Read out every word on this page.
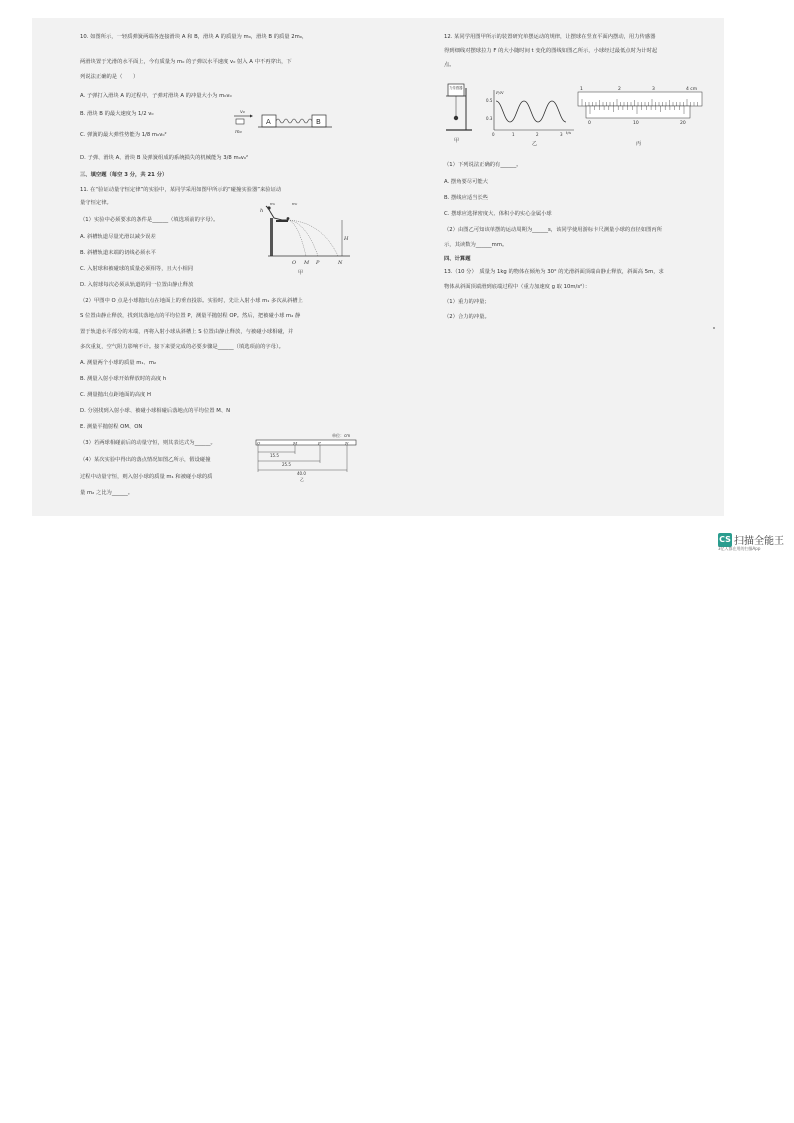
10. 如图所示，一轻质弹簧两端各连接滑块 A 和 B，滑块 A 的质量为 m₀，滑块 B 的质量 2m₀，

两滑块置于光滑的水平面上，今有质量为 m₀ 的子弹以水平速度 v₀ 射入 A 中不再穿出，下

列说法正确的是（　　）

A. 子弹打入滑块 A 的过程中，子弹对滑块 A 的冲量大小为 m₀v₀

B. 滑块 B 的最大速度为 1/2 v₀

C. 弹簧的最大弹性势能为 1/8 m₀v₀²

D. 子弹、滑块 A、滑块 B 及弹簧组成的系统损失的机械能为 3/8 m₀v₀²

三、填空题（每空 3 分，共 21 分）

11. 在“验证动量守恒定律”的实验中，某同学采用如图甲所示的“碰撞实验器”来验证动

量守恒定律。

（1）实验中必须要求的条件是______（填选项前的字母）。

A. 斜槽轨道尽量光滑以减少误差

B. 斜槽轨道末端的切线必须水平

C. 入射球和被碰球的质量必须相等，且大小相同

D. 入射球每次必须从轨道的同一位置由静止释放

（2）甲图中 O 点是小球抛出点在地面上的垂直投影。实验时，先让入射小球 m₁ 多次从斜槽上

S 位置由静止释放，找到其落地点的平均位置 P，测量平抛射程 OP。然后，把被碰小球 m₂ 静

置于轨道水平部分的末端，再将入射小球从斜槽上 S 位置由静止释放，与被碰小球相碰，并

多次重复，空气阻力影响不计。接下来要完成的必要步骤是______（填选项前的字母）。

A. 测量两个小球的质量 m₁、m₂

B. 测量入射小球开始释放时的高度 h

C. 测量抛出点距地面的高度 H

D. 分别找到入射小球、被碰小球相碰后落地点的平均位置 M、N

E. 测量平抛射程 OM、ON

（3）若两球相碰前后的动量守恒，则其表达式为______。

（4）某次实验中得出的落点情况如图乙所示，假设碰撞

过程中动量守恒，则入射小球的质量 m₁ 和被碰小球的质

量 m₂ 之比为______。

v₀
m₀
A	B
h
m₂
m₁
H
O M P	N
甲
单位：cm
O	M	P	N
15.5
25.5
40.0
乙

12. 某同学用图甲所示的装置研究单摆运动的规律，让摆球在竖直平面内摆动，用力传感器

得到细线对摆球拉力 F 的大小随时间 t 变化的图线如图乙所示，小球经过最低点时为计时起

点。

（1）下列说法正确的有______。

A. 摆角要尽可能大

B. 摆线应适当长些

C. 摆球应选择密度大、体积小的实心金属小球

（2）由图乙可知该单摆的运动周期为______s，该同学使用游标卡尺测量小球的直径如图丙所

示，其读数为______mm。

四、计算题

13.（10 分）　质量为 1kg 的物体在倾角为 30° 的光滑斜面顶端由静止释放，斜面高 5m，求

物体从斜面顶端滑到底端过程中（重力加速度 g 取 10m/s²）：

（1）重力的冲量；

（2）合力的冲量。

力传感器
甲
F/N
0.5
0.3
0	1	2	3 t/s
乙
1	2	3	4 cm
0	10	20
丙
CS 扫描全能王
3亿人都在用的扫描App
